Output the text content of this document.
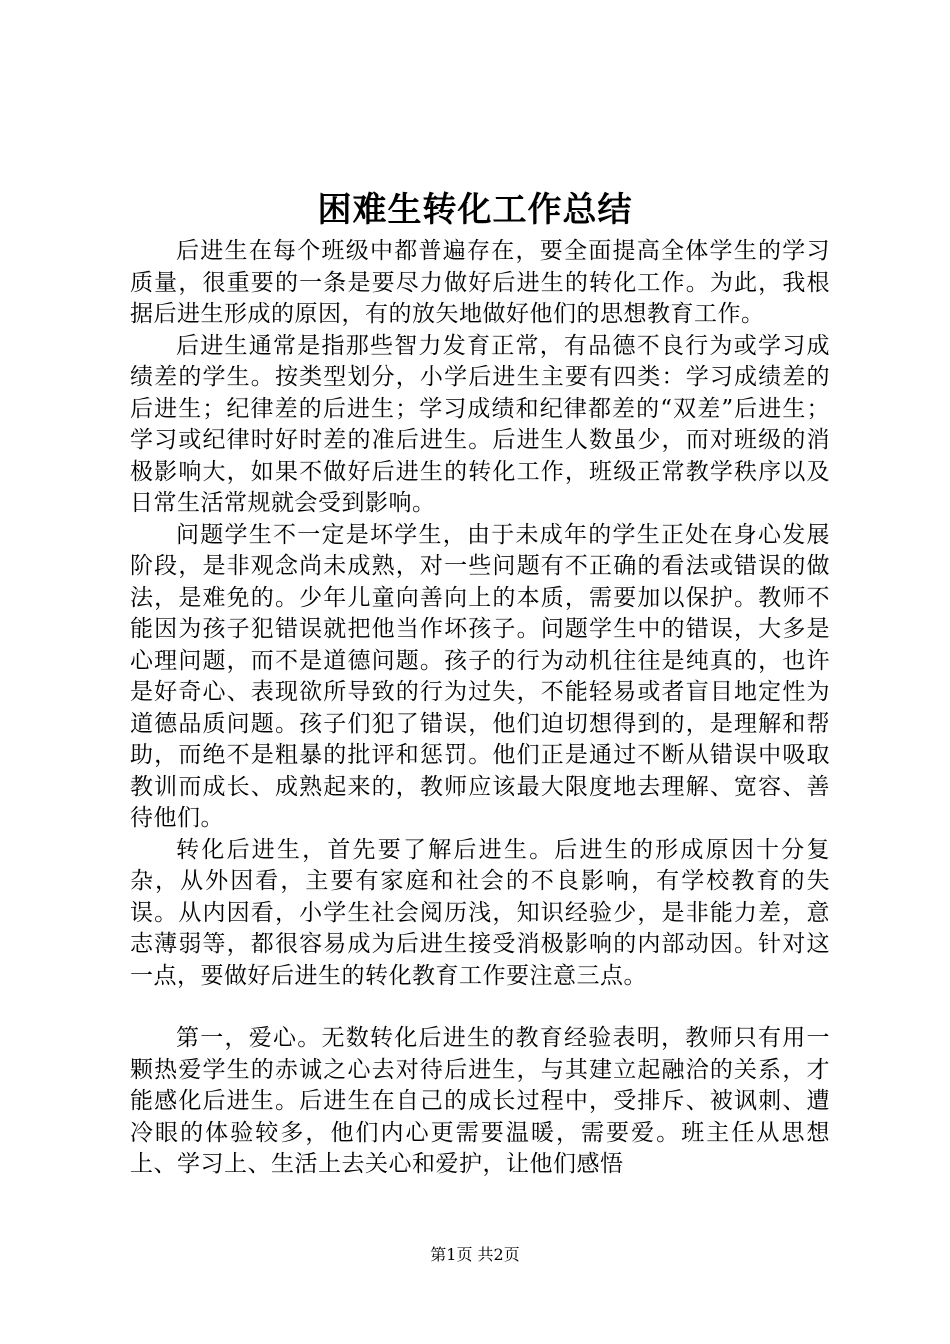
困难生转化工作总结

后进生在每个班级中都普遍存在，要全面提高全体学生的学习质量，很重要的一条是要尽力做好后进生的转化工作。为此，我根据后进生形成的原因，有的放矢地做好他们的思想教育工作。

后进生通常是指那些智力发育正常，有品德不良行为或学习成绩差的学生。按类型划分，小学后进生主要有四类：学习成绩差的后进生；纪律差的后进生；学习成绩和纪律都差的“双差”后进生；学习或纪律时好时差的准后进生。后进生人数虽少，而对班级的消极影响大，如果不做好后进生的转化工作，班级正常教学秩序以及日常生活常规就会受到影响。

问题学生不一定是坏学生，由于未成年的学生正处在身心发展阶段，是非观念尚未成熟，对一些问题有不正确的看法或错误的做法，是难免的。少年儿童向善向上的本质，需要加以保护。教师不能因为孩子犯错误就把他当作坏孩子。问题学生中的错误，大多是心理问题，而不是道德问题。孩子的行为动机往往是纯真的，也许是好奇心、表现欲所导致的行为过失，不能轻易或者盲目地定性为道德品质问题。孩子们犯了错误，他们迫切想得到的，是理解和帮助，而绝不是粗暴的批评和惩罚。他们正是通过不断从错误中吸取教训而成长、成熟起来的，教师应该最大限度地去理解、宽容、善待他们。

转化后进生，首先要了解后进生。后进生的形成原因十分复杂，从外因看，主要有家庭和社会的不良影响，有学校教育的失误。从内因看，小学生社会阅历浅，知识经验少，是非能力差，意志薄弱等，都很容易成为后进生接受消极影响的内部动因。针对这一点，要做好后进生的转化教育工作要注意三点。

第一，爱心。无数转化后进生的教育经验表明，教师只有用一颗热爱学生的赤诚之心去对待后进生，与其建立起融洽的关系，才能感化后进生。后进生在自己的成长过程中，受排斥、被讽刺、遭冷眼的体验较多，他们内心更需要温暖，需要爱。班主任从思想上、学习上、生活上去关心和爱护，让他们感悟

第1页 共2页
